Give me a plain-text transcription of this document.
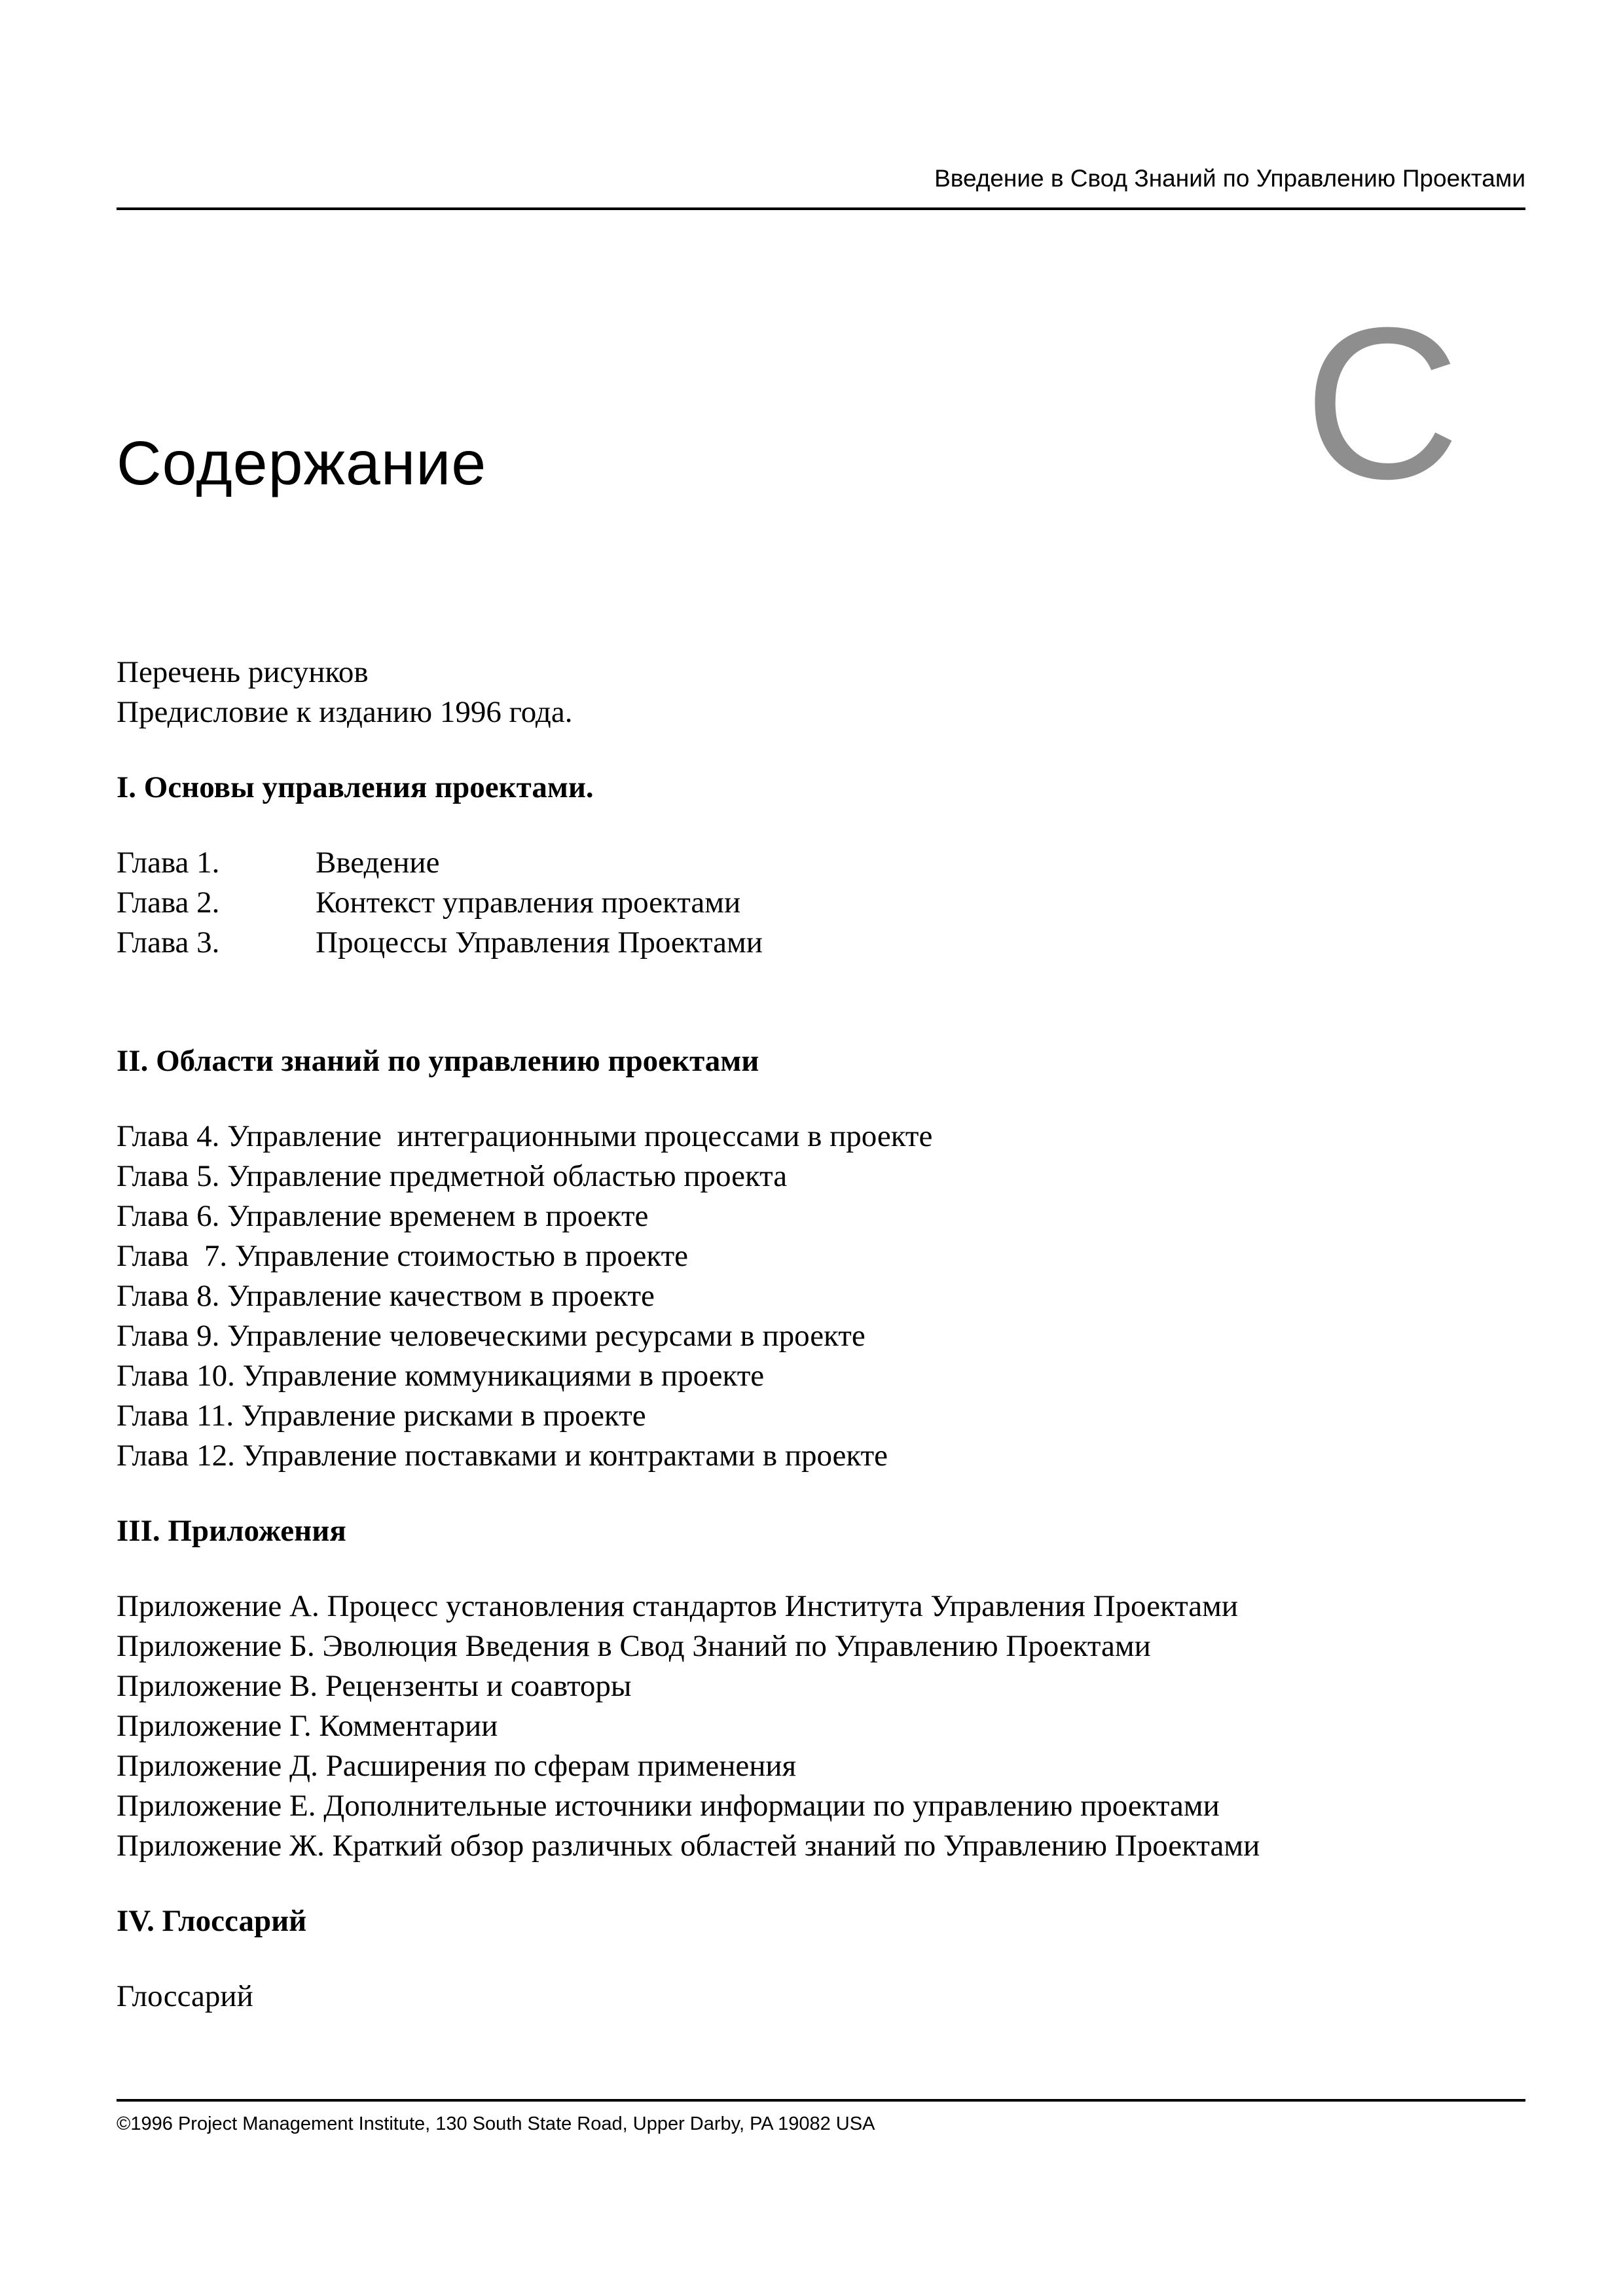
Введение в Свод Знаний по Управлению Проектами
С
Содержание

Перечень рисунков

Предисловие к изданию 1996 года.

I. Основы управления проектами.

Глава 1.	Введение

Глава 2.	Контекст управления проектами

Глава 3.	Процессы Управления Проектами

II. Области знаний по управлению проектами

Глава 4. Управление  интеграционными процессами в проекте

Глава 5. Управление предметной областью проекта

Глава 6. Управление временем в проекте

Глава  7. Управление стоимостью в проекте

Глава 8. Управление качеством в проекте

Глава 9. Управление человеческими ресурсами в проекте

Глава 10. Управление коммуникациями в проекте

Глава 11. Управление рисками в проекте

Глава 12. Управление поставками и контрактами в проекте

III. Приложения

Приложение А. Процесс установления стандартов Института Управления Проектами

Приложение Б. Эволюция Введения в Свод Знаний по Управлению Проектами

Приложение В. Рецензенты и соавторы

Приложение Г. Комментарии

Приложение Д. Расширения по сферам применения

Приложение Е. Дополнительные источники информации по управлению проектами

Приложение Ж. Краткий обзор различных областей знаний по Управлению Проектами

IV. Глоссарий

Глоссарий

©1996 Project Management Institute, 130 South State Road, Upper Darby, PA 19082 USA
